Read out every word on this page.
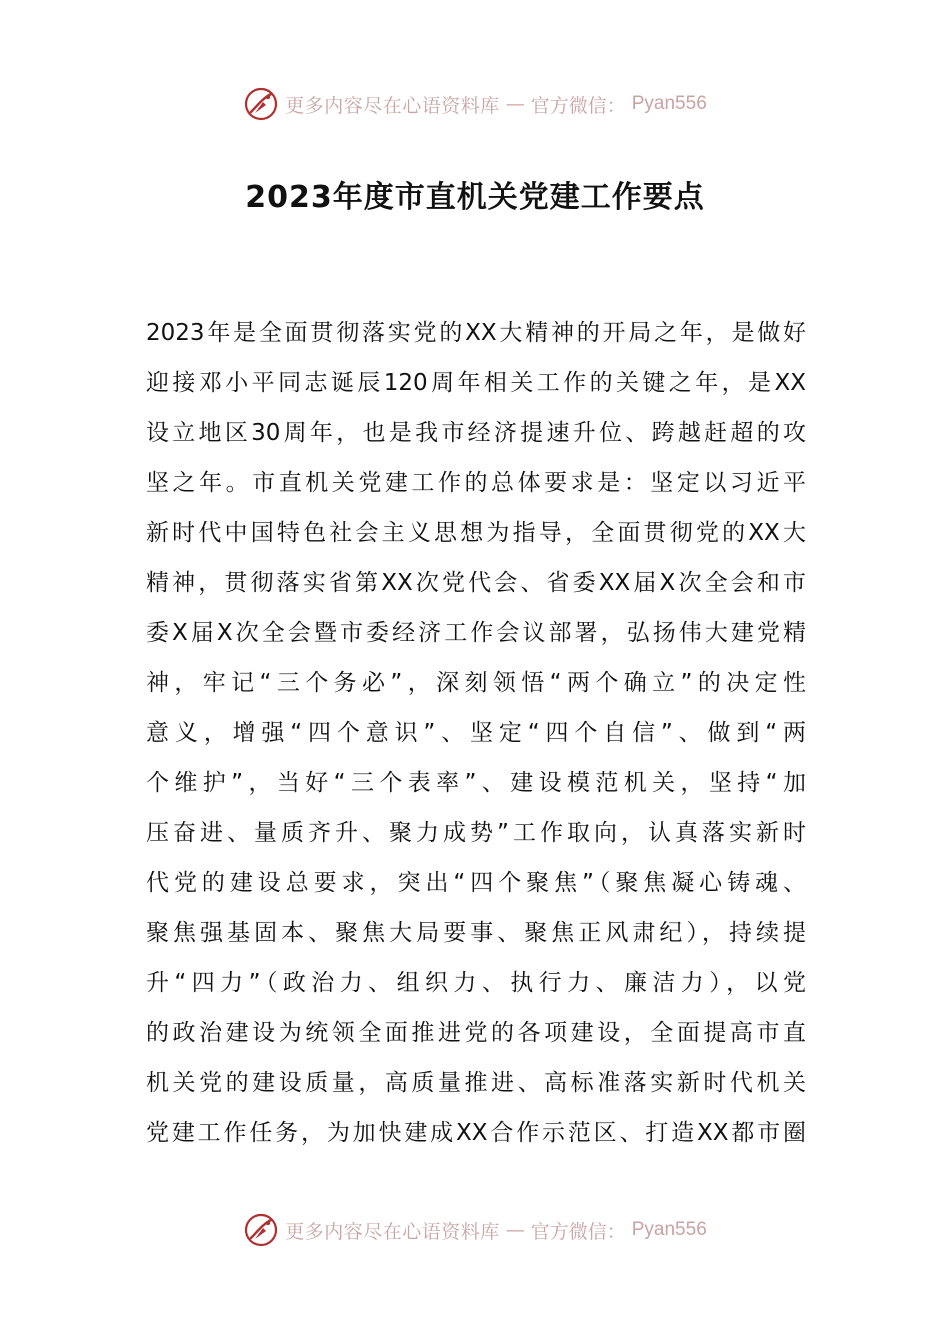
更多内容尽在心语资料库 — 官方微信： Pyan556
2023年度市直机关党建工作要点
2023年是全面贯彻落实党的XX大精神的开局之年，是做好
迎接邓小平同志诞辰120周年相关工作的关键之年，是XX
设立地区30周年，也是我市经济提速升位、跨越赶超的攻
坚之年。市直机关党建工作的总体要求是：坚定以习近平
新时代中国特色社会主义思想为指导，全面贯彻党的XX大
精神，贯彻落实省第XX次党代会、省委XX届X次全会和市
委X届X次全会暨市委经济工作会议部署，弘扬伟大建党精
神，牢记“三个务必”，深刻领悟“两个确立”的决定性
意义，增强“四个意识”、坚定“四个自信”、做到“两
个维护”，当好“三个表率”、建设模范机关，坚持“加
压奋进、量质齐升、聚力成势”工作取向，认真落实新时
代党的建设总要求，突出“四个聚焦”（聚焦凝心铸魂、
聚焦强基固本、聚焦大局要事、聚焦正风肃纪），持续提
升“四力”（政治力、组织力、执行力、廉洁力），以党
的政治建设为统领全面推进党的各项建设，全面提高市直
机关党的建设质量，高质量推进、高标准落实新时代机关
党建工作任务，为加快建成XX合作示范区、打造XX都市圈
更多内容尽在心语资料库 — 官方微信： Pyan556
